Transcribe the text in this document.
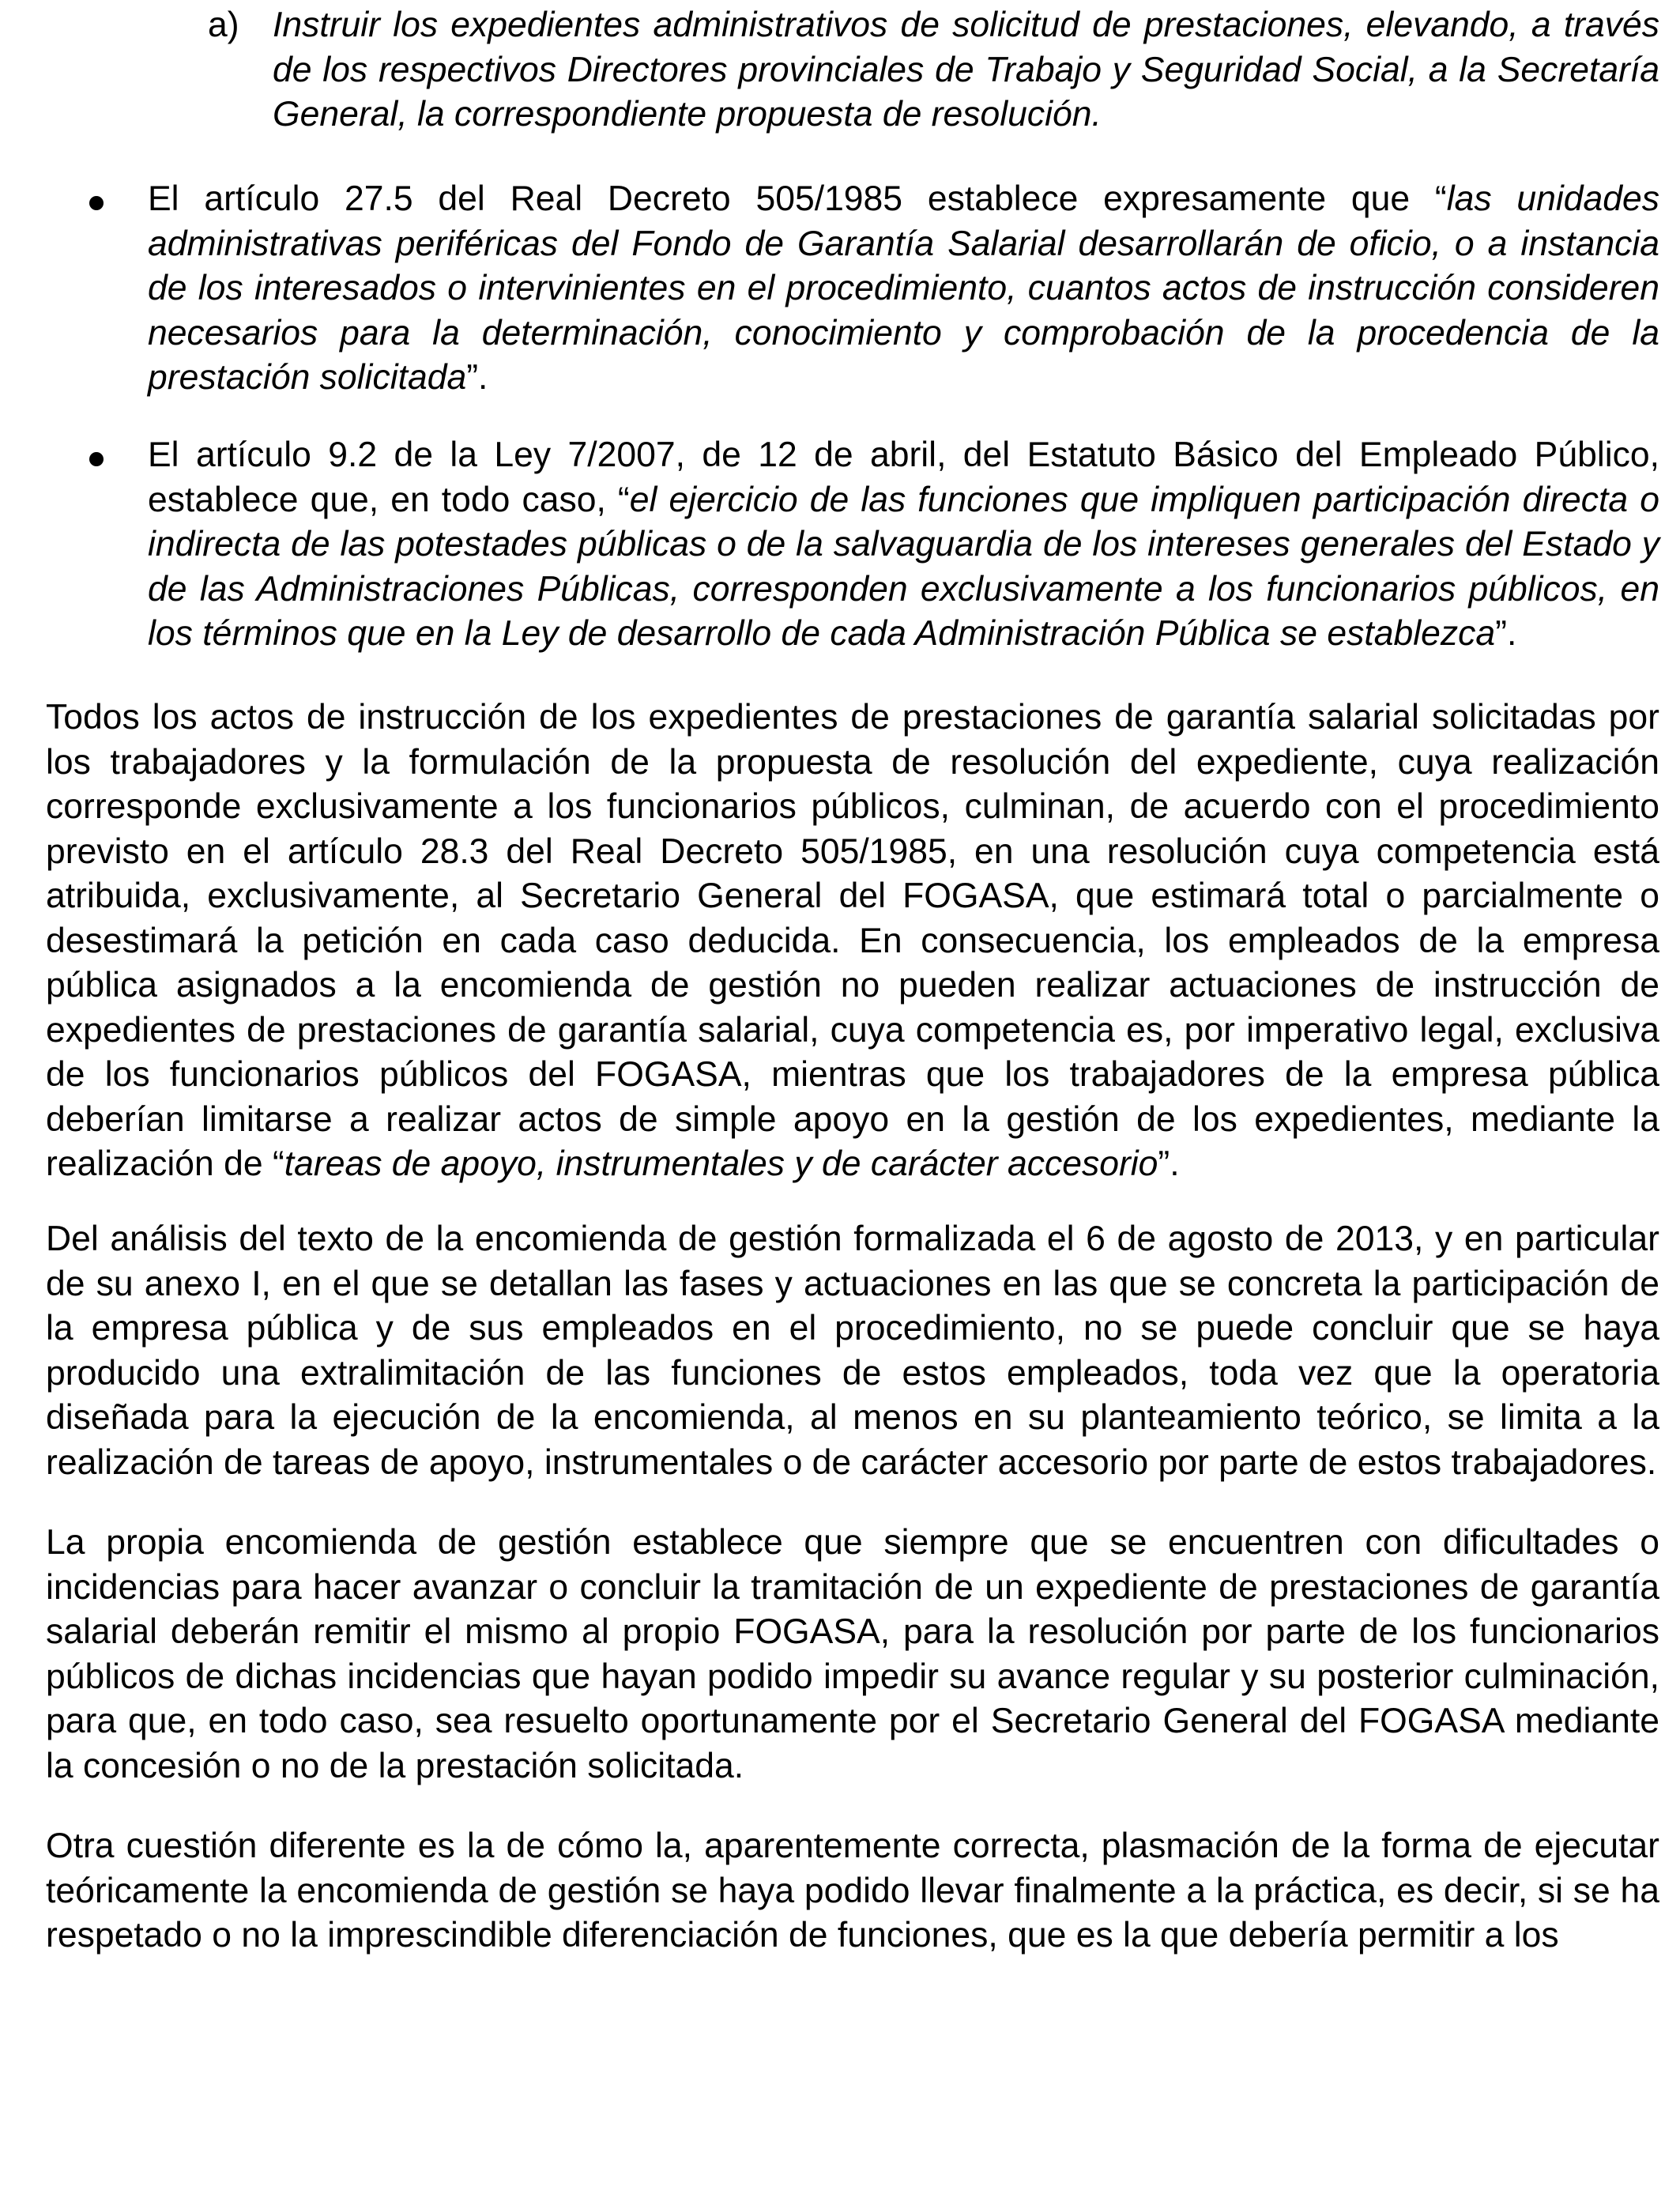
a) Instruir los expedientes administrativos de solicitud de prestaciones, elevando, a través de los respectivos Directores provinciales de Trabajo y Seguridad Social, a la Secretaría General, la correspondiente propuesta de resolución.

El artículo 27.5 del Real Decreto 505/1985 establece expresamente que “las unidades administrativas periféricas del Fondo de Garantía Salarial desarrollarán de oficio, o a instancia de los interesados o intervinientes en el procedimiento, cuantos actos de instrucción consideren necesarios para la determinación, conocimiento y comprobación de la procedencia de la prestación solicitada”.

El artículo 9.2 de la Ley 7/2007, de 12 de abril, del Estatuto Básico del Empleado Público, establece que, en todo caso, “el ejercicio de las funciones que impliquen participación directa o indirecta de las potestades públicas o de la salvaguardia de los intereses generales del Estado y de las Administraciones Públicas, corresponden exclusivamente a los funcionarios públicos, en los términos que en la Ley de desarrollo de cada Administración Pública se establezca”.

Todos los actos de instrucción de los expedientes de prestaciones de garantía salarial solicitadas por los trabajadores y la formulación de la propuesta de resolución del expediente, cuya realización corresponde exclusivamente a los funcionarios públicos, culminan, de acuerdo con el procedimiento previsto en el artículo 28.3 del Real Decreto 505/1985, en una resolución cuya competencia está atribuida, exclusivamente, al Secretario General del FOGASA, que estimará total o parcialmente o desestimará la petición en cada caso deducida. En consecuencia, los empleados de la empresa pública asignados a la encomienda de gestión no pueden realizar actuaciones de instrucción de expedientes de prestaciones de garantía salarial, cuya competencia es, por imperativo legal, exclusiva de los funcionarios públicos del FOGASA, mientras que los trabajadores de la empresa pública deberían limitarse a realizar actos de simple apoyo en la gestión de los expedientes, mediante la realización de “tareas de apoyo, instrumentales y de carácter accesorio”.

Del análisis del texto de la encomienda de gestión formalizada el 6 de agosto de 2013, y en particular de su anexo I, en el que se detallan las fases y actuaciones en las que se concreta la participación de la empresa pública y de sus empleados en el procedimiento, no se puede concluir que se haya producido una extralimitación de las funciones de estos empleados, toda vez que la operatoria diseñada para la ejecución de la encomienda, al menos en su planteamiento teórico, se limita a la realización de tareas de apoyo, instrumentales o de carácter accesorio por parte de estos trabajadores.

La propia encomienda de gestión establece que siempre que se encuentren con dificultades o incidencias para hacer avanzar o concluir la tramitación de un expediente de prestaciones de garantía salarial deberán remitir el mismo al propio FOGASA, para la resolución por parte de los funcionarios públicos de dichas incidencias que hayan podido impedir su avance regular y su posterior culminación, para que, en todo caso, sea resuelto oportunamente por el Secretario General del FOGASA mediante la concesión o no de la prestación solicitada.

Otra cuestión diferente es la de cómo la, aparentemente correcta, plasmación de la forma de ejecutar teóricamente la encomienda de gestión se haya podido llevar finalmente a la práctica, es decir, si se ha respetado o no la imprescindible diferenciación de funciones, que es la que debería permitir a los
